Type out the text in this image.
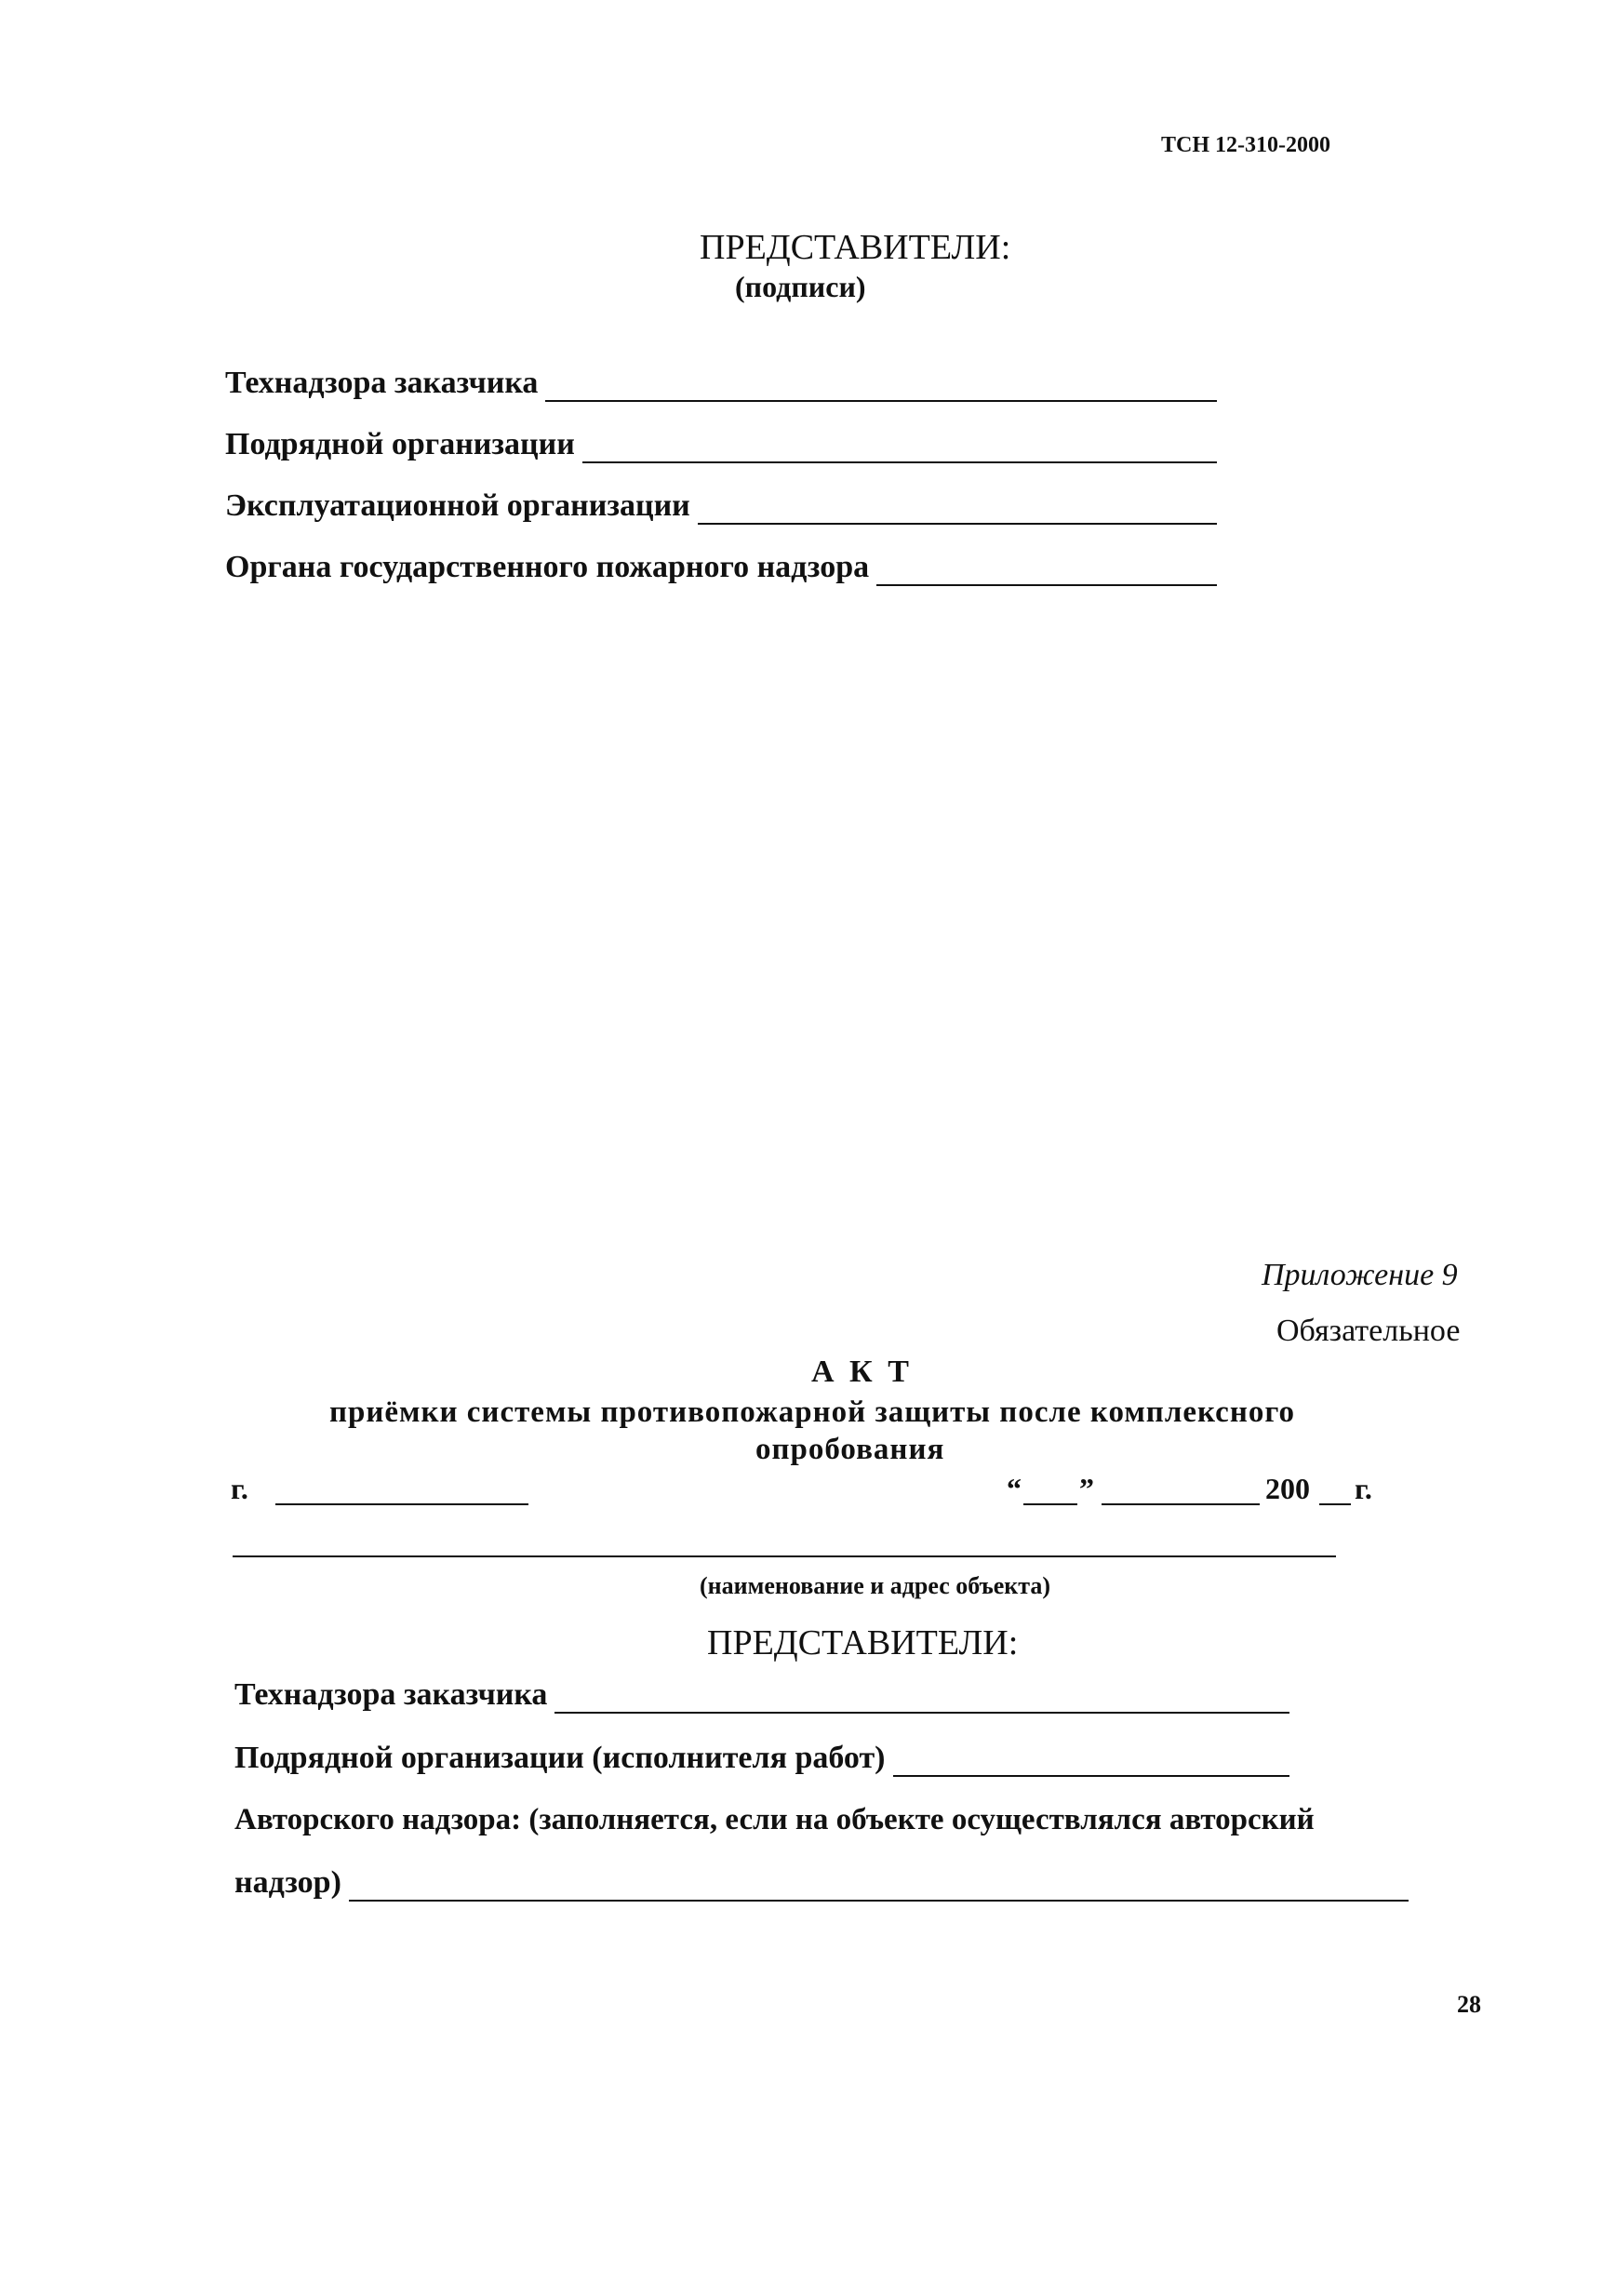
ТСН 12-310-2000
ПРЕДСТАВИТЕЛИ:
(подписи)
Технадзора заказчика
Подрядной организации
Эксплуатационной организации
Органа государственного пожарного надзора
Приложение 9
Обязательное
А К Т
приёмки системы противопожарной защиты после комплексного
опробования
г.	“ ”	200 г.
(наименование и адрес объекта)
ПРЕДСТАВИТЕЛИ:
Технадзора заказчика
Подрядной организации (исполнителя работ)
Авторского надзора: (заполняется, если на объекте осуществлялся авторский
надзор)
28
